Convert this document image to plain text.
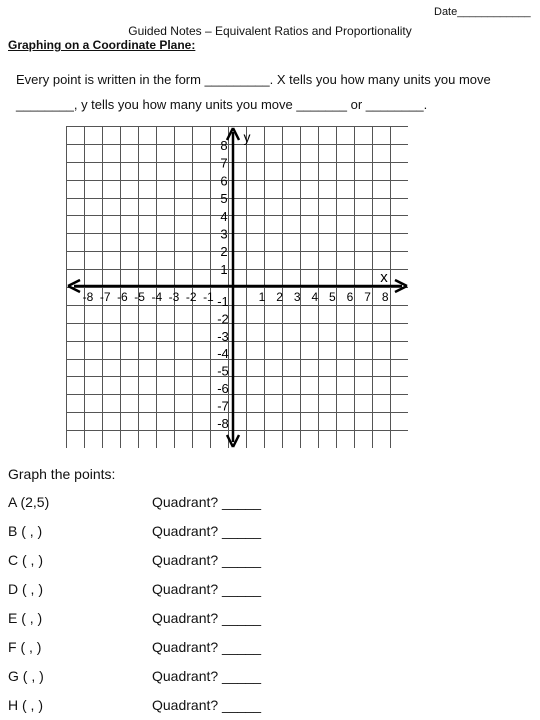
Date____________
Guided Notes – Equivalent Ratios and Proportionality
Graphing on a Coordinate Plane:
Every point is written in the form _________. X tells you how many units you move
________, y tells you how many units you move _______ or ________.
y
x
-8 -7 -6 -5 -4 -3 -2 -1	1 2 3 4 5 6 7 8
8
7
6
5
4
3
2
1
-1
-2
-3
-4
-5
-6
-7
-8
Graph the points:
A (2,5)	Quadrant? _____
B ( , )	Quadrant? _____
C ( , )	Quadrant? _____
D ( , )	Quadrant? _____
E ( , )	Quadrant? _____
F ( , )	Quadrant? _____
G ( , )	Quadrant? _____
H ( , )	Quadrant? _____
